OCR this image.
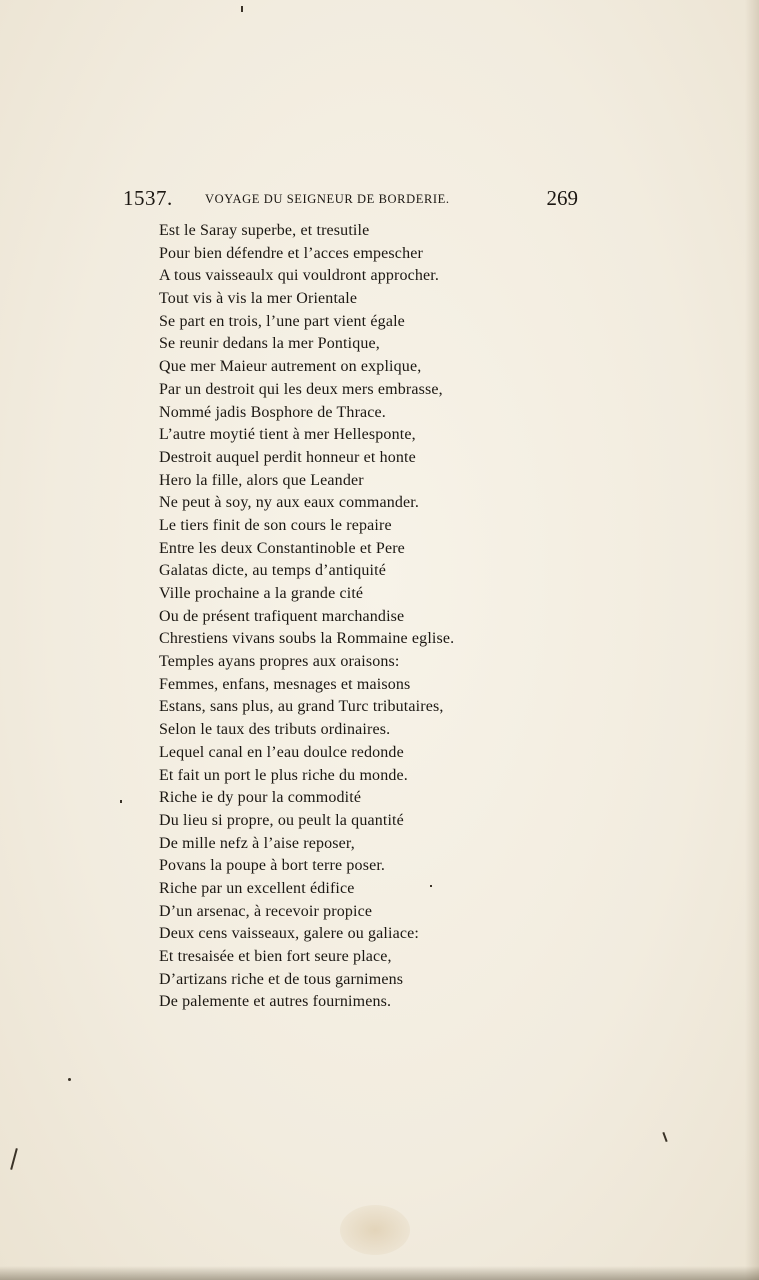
1537.	VOYAGE DU SEIGNEUR DE BORDERIE.	269
Est le Saray superbe, et tresutile
Pour bien défendre et l’acces empescher
A tous vaisseaulx qui vouldront approcher.
Tout vis à vis la mer Orientale
Se part en trois, l’une part vient égale
Se reunir dedans la mer Pontique,
Que mer Maieur autrement on explique,
Par un destroit qui les deux mers embrasse,
Nommé jadis Bosphore de Thrace.
L’autre moytié tient à mer Hellesponte,
Destroit auquel perdit honneur et honte
Hero la fille, alors que Leander
Ne peut à soy, ny aux eaux commander.
Le tiers finit de son cours le repaire
Entre les deux Constantinoble et Pere
Galatas dicte, au temps d’antiquité
Ville prochaine a la grande cité
Ou de présent trafiquent marchandise
Chrestiens vivans soubs la Rommaine eglise.
Temples ayans propres aux oraisons:
Femmes, enfans, mesnages et maisons
Estans, sans plus, au grand Turc tributaires,
Selon le taux des tributs ordinaires.
Lequel canal en l’eau doulce redonde
Et fait un port le plus riche du monde.
Riche ie dy pour la commodité
Du lieu si propre, ou peult la quantité
De mille nefz à l’aise reposer,
Povans la poupe à bort terre poser.
Riche par un excellent édifice
D’un arsenac, à recevoir propice
Deux cens vaisseaux, galere ou galiace:
Et tresaisée et bien fort seure place,
D’artizans riche et de tous garnimens
De palemente et autres fournimens.
